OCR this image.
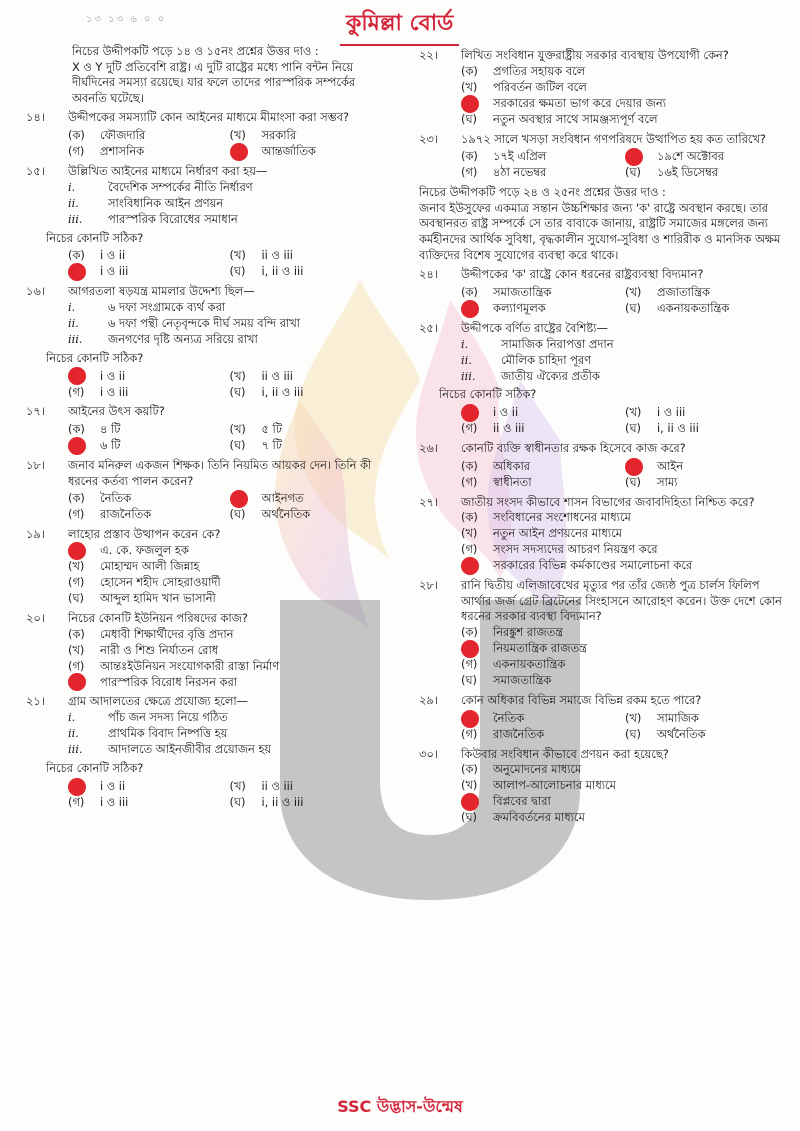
১৩ ১৩ ৬ ০ ০	কুমিল্লা বোর্ড
নিচের উদ্দীপকটি পড়ে ১৪ ও ১৫নং প্রশ্নের উত্তর দাও :
X ও Y দুটি প্রতিবেশি রাষ্ট্র। এ দুটি রাষ্ট্রের মধ্যে পানি বন্টন নিয়ে দীর্ঘদিনের সমস্যা রয়েছে। যার ফলে তাদের পারস্পরিক সম্পর্কের অবনতি ঘটেছে।
১৪।	উদ্দীপকের সমস্যাটি কোন আইনের মাধ্যমে মীমাংসা করা সম্ভব?
(ক)	ফৌজদারি	(খ)	সরকারি
(গ)	প্রশাসনিক	আন্তর্জাতিক
১৫।	উল্লিখিত আইনের মাধ্যমে নির্ধারণ করা হয়—
i.	বৈদেশিক সম্পর্কের নীতি নির্ধারণ
ii.	সাংবিধানিক আইন প্রণয়ন
iii.	পারস্পরিক বিরোধের সমাধান
নিচের কোনটি সঠিক?
(ক)	i ও ii	(খ)	ii ও iii
i ও iii	(ঘ)	i, ii ও iii
১৬।	আগরতলা ষড়যন্ত্র মামলার উদ্দেশ্য ছিল—
i.	৬ দফা সংগ্রামকে ব্যর্থ করা
ii.	৬ দফা পন্থী নেতৃবৃন্দকে দীর্ঘ সময় বন্দি রাখা
iii.	জনগণের দৃষ্টি অন্যত্র সরিয়ে রাখা
নিচের কোনটি সঠিক?
i ও ii	(খ)	ii ও iii
(গ)	i ও iii	(ঘ)	i, ii ও iii
১৭।	আইনের উৎস কয়টি?
(ক)	৪ টি	(খ)	৫ টি
৬ টি	(ঘ)	৭ টি
১৮।	জনাব মনিরুল একজন শিক্ষক। তিনি নিয়মিত আয়কর দেন। তিনি কী ধরনের কর্তব্য পালন করেন?
(ক)	নৈতিক	আইনগত
(গ)	রাজনৈতিক	(ঘ)	অর্থনৈতিক
১৯।	লাহোর প্রস্তাব উত্থাপন করেন কে?
এ. কে. ফজলুল হক
(খ)	মোহাম্মদ আলী জিন্নাহ
(গ)	হোসেন শহীদ সোহরাওয়ার্দী
(ঘ)	আব্দুল হামিদ খান ভাসানী
২০।	নিচের কোনটি ইউনিয়ন পরিষদের কাজ?
(ক)	মেধাবী শিক্ষার্থীদের বৃত্তি প্রদান
(খ)	নারী ও শিশু নির্যাতন রোধ
(গ)	আন্তঃইউনিয়ন সংযোগকারী রাস্তা নির্মাণ
পারস্পরিক বিরোধ নিরসন করা
২১।	গ্রাম আদালতের ক্ষেত্রে প্রযোজ্য হলো—
i.	পাঁচ জন সদস্য নিয়ে গঠিত
ii.	প্রাথমিক বিবাদ নিষ্পত্তি হয়
iii.	আদালতে আইনজীবীর প্রয়োজন হয়
নিচের কোনটি সঠিক?
i ও ii	(খ)	ii ও iii
(গ)	i ও iii	(ঘ)	i, ii ও iii
২২।	লিখিত সংবিধান যুক্তরাষ্ট্রীয় সরকার ব্যবস্থায় উপযোগী কেন?
(ক)	প্রগতির সহায়ক বলে
(খ)	পরিবর্তন জটিল বলে
সরকারের ক্ষমতা ভাগ করে দেয়ার জন্য
(ঘ)	নতুন অবস্থার সাথে সামঞ্জস্যপূর্ণ বলে
২৩।	১৯৭২ সালে খসড়া সংবিধান গণপরিষদে উত্থাপিত হয় কত তারিখে?
(ক)	১৭ই এপ্রিল	১৯শে অক্টোবর
(গ)	৪ঠা নভেম্বর	(ঘ)	১৬ই ডিসেম্বর
নিচের উদ্দীপকটি পড়ে ২৪ ও ২৫নং প্রশ্নের উত্তর দাও :
জনাব ইউসুফের একমাত্র সন্তান উচ্চশিক্ষার জন্য 'ক' রাষ্ট্রে অবস্থান করছে। তার অবস্থানরত রাষ্ট্র সম্পর্কে সে তার বাবাকে জানায়, রাষ্ট্রটি সমাজের মঙ্গলের জন্য কর্মহীনদের আর্থিক সুবিধা, বৃদ্ধকালীন সুযোগ-সুবিধা ও শারিরীক ও মানসিক অক্ষম ব্যক্তিদের বিশেষ সুযোগের ব্যবস্থা করে থাকে।
২৪।	উদ্দীপকের 'ক' রাষ্ট্রে কোন ধরনের রাষ্ট্রব্যবস্থা বিদ্যমান?
(ক)	সমাজতান্ত্রিক	(খ)	প্রজাতান্ত্রিক
কল্যাণমূলক	(ঘ)	একনায়কতান্ত্রিক
২৫।	উদ্দীপকে বর্ণিত রাষ্ট্রের বৈশিষ্ট্য—
i.	সামাজিক নিরাপত্তা প্রদান
ii.	মৌলিক চাহিদা পূরণ
iii.	জাতীয় ঐক্যের প্রতীক
নিচের কোনটি সঠিক?
i ও ii	(খ)	i ও iii
(গ)	ii ও iii	(ঘ)	i, ii ও iii
২৬।	কোনটি ব্যক্তি স্বাধীনতার রক্ষক হিসেবে কাজ করে?
(ক)	অধিকার	আইন
(গ)	স্বাধীনতা	(ঘ)	সাম্য
২৭।	জাতীয় সংসদ কীভাবে শাসন বিভাগের জবাবদিহিতা নিশ্চিত করে?
(ক)	সংবিধানের সংশোধনের মাধ্যমে
(খ)	নতুন আইন প্রণয়নের মাধ্যমে
(গ)	সংসদ সদস্যদের আচরণ নিয়ন্ত্রণ করে
সরকারের বিভিন্ন কর্মকাণ্ডের সমালোচনা করে
২৮।	রানি দ্বিতীয় এলিজাবেথের মৃত্যুর পর তাঁর জ্যেষ্ঠ পুত্র চার্লস ফিলিপ আর্থার জর্জ গ্রেট ব্রিটেনের সিংহাসনে আরোহণ করেন। উক্ত দেশে কোন ধরনের সরকার ব্যবস্থা বিদ্যমান?
(ক)	নিরঙ্কুশ রাজতন্ত্র
নিয়মতান্ত্রিক রাজতন্ত্র
(গ)	একনায়কতান্ত্রিক
(ঘ)	সমাজতান্ত্রিক
২৯।	কোন অধিকার বিভিন্ন সমাজে বিভিন্ন রকম হতে পারে?
নৈতিক	(খ)	সামাজিক
(গ)	রাজনৈতিক	(ঘ)	অর্থনৈতিক
৩০।	কিউবার সংবিধান কীভাবে প্রণয়ন করা হয়েছে?
(ক)	অনুমোদনের মাধ্যমে
(খ)	আলাপ-আলোচনার মাধ্যমে
বিপ্লবের দ্বারা
(ঘ)	ক্রমবিবর্তনের মাধ্যমে
SSC উদ্ভাস-উন্মেষ
